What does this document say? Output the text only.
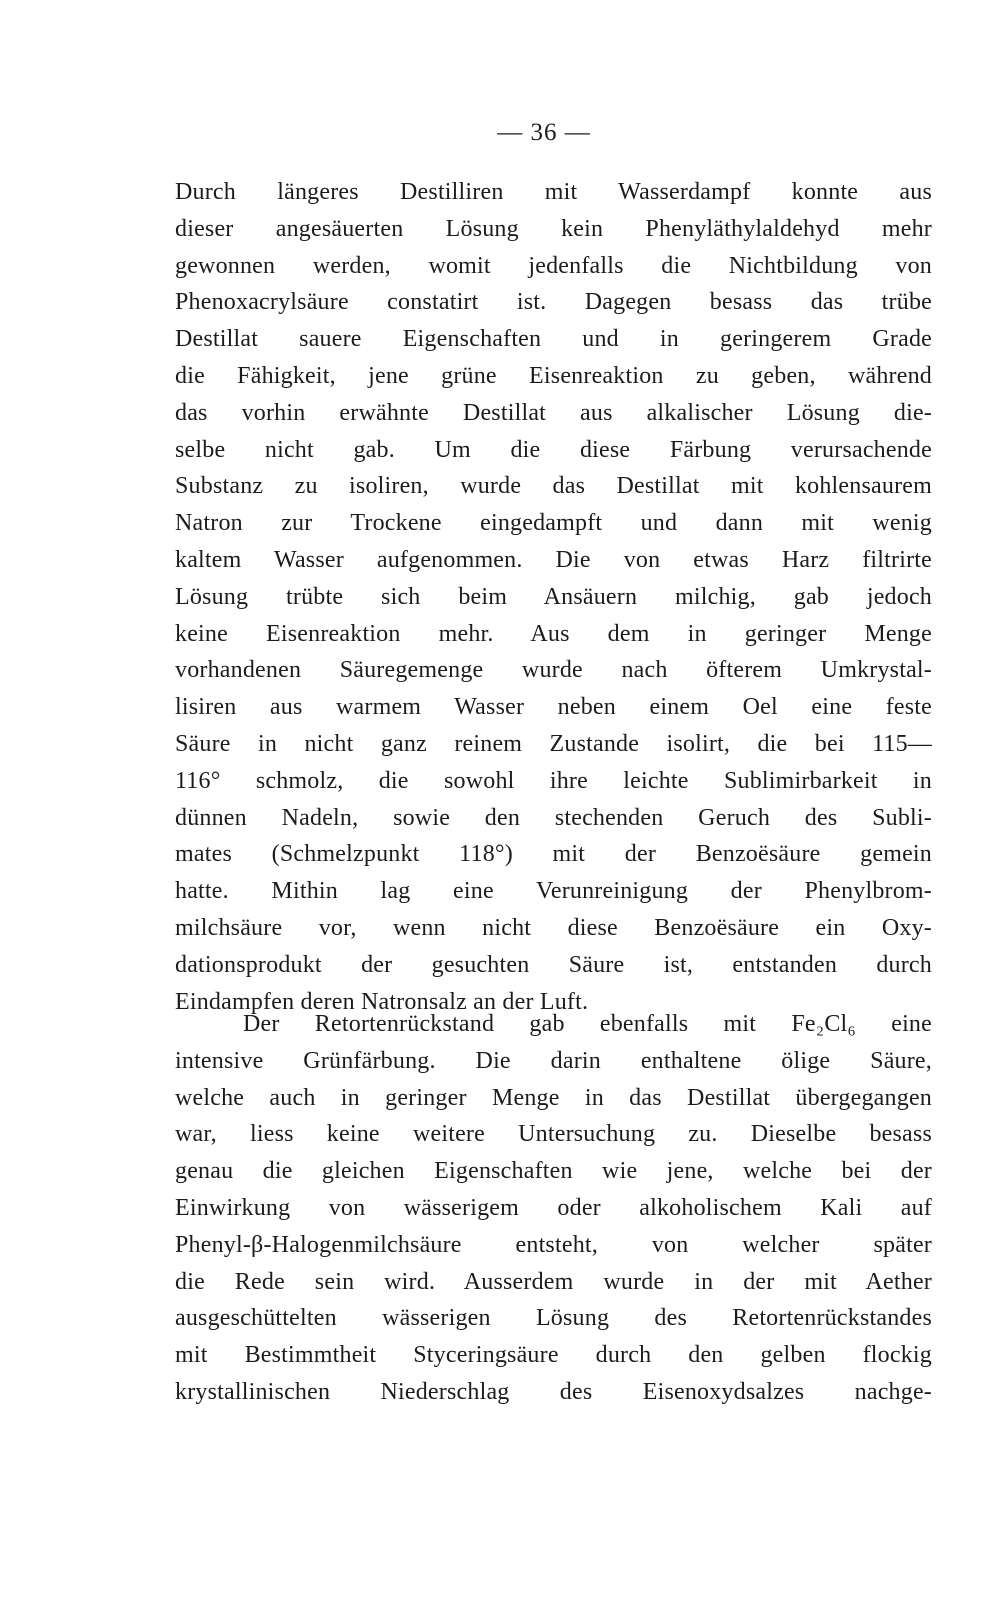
— 36 —
Durch längeres Destilliren mit Wasserdampf konnte aus
dieser angesäuerten Lösung kein Phenyläthylaldehyd mehr
gewonnen werden, womit jedenfalls die Nichtbildung von
Phenoxacrylsäure constatirt ist. Dagegen besass das trübe
Destillat sauere Eigenschaften und in geringerem Grade
die Fähigkeit, jene grüne Eisenreaktion zu geben, während
das vorhin erwähnte Destillat aus alkalischer Lösung die-
selbe nicht gab. Um die diese Färbung verursachende
Substanz zu isoliren, wurde das Destillat mit kohlensaurem
Natron zur Trockene eingedampft und dann mit wenig
kaltem Wasser aufgenommen. Die von etwas Harz filtrirte
Lösung trübte sich beim Ansäuern milchig, gab jedoch
keine Eisenreaktion mehr. Aus dem in geringer Menge
vorhandenen Säuregemenge wurde nach öfterem Umkrystal-
lisiren aus warmem Wasser neben einem Oel eine feste
Säure in nicht ganz reinem Zustande isolirt, die bei 115—
116° schmolz, die sowohl ihre leichte Sublimirbarkeit in
dünnen Nadeln, sowie den stechenden Geruch des Subli-
mates (Schmelzpunkt 118°) mit der Benzoësäure gemein
hatte. Mithin lag eine Verunreinigung der Phenylbrom-
milchsäure vor, wenn nicht diese Benzoësäure ein Oxy-
dationsprodukt der gesuchten Säure ist, entstanden durch
Eindampfen deren Natronsalz an der Luft.
Der Retortenrückstand gab ebenfalls mit Fe₂Cl₆ eine
intensive Grünfärbung. Die darin enthaltene ölige Säure,
welche auch in geringer Menge in das Destillat übergegangen
war, liess keine weitere Untersuchung zu. Dieselbe besass
genau die gleichen Eigenschaften wie jene, welche bei der
Einwirkung von wässerigem oder alkoholischem Kali auf
Phenyl-β-Halogenmilchsäure entsteht, von welcher später
die Rede sein wird. Ausserdem wurde in der mit Aether
ausgeschüttelten wässerigen Lösung des Retortenrückstandes
mit Bestimmtheit Styceringsäure durch den gelben flockig
krystallinischen Niederschlag des Eisenoxydsalzes nachge-
